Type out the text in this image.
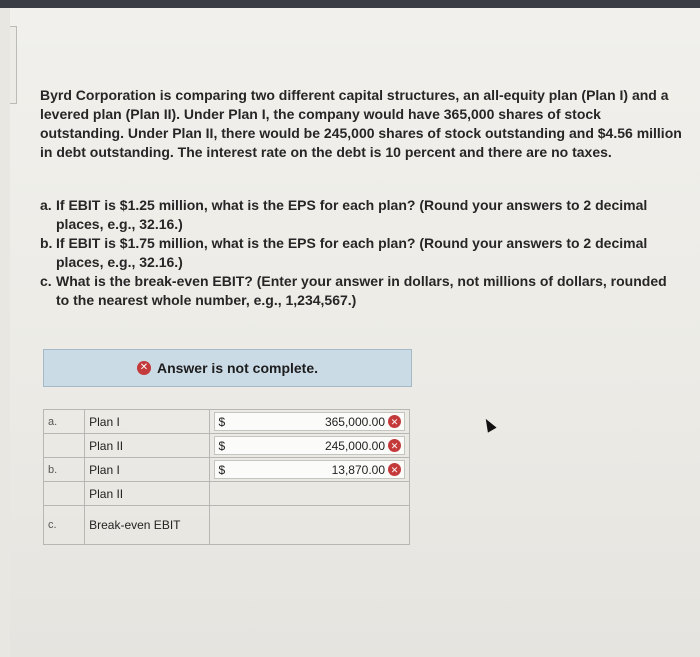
Byrd Corporation is comparing two different capital structures, an all-equity plan (Plan I) and a levered plan (Plan II). Under Plan I, the company would have 365,000 shares of stock outstanding. Under Plan II, there would be 245,000 shares of stock outstanding and $4.56 million in debt outstanding. The interest rate on the debt is 10 percent and there are no taxes.

a. If EBIT is $1.25 million, what is the EPS for each plan? (Round your answers to 2 decimal places, e.g., 32.16.)
b. If EBIT is $1.75 million, what is the EPS for each plan? (Round your answers to 2 decimal places, e.g., 32.16.)
c. What is the break-even EBIT? (Enter your answer in dollars, not millions of dollars, rounded to the nearest whole number, e.g., 1,234,567.)
✕ Answer is not complete.
a.	Plan I	$ 365,000.00 ✕

	Plan II	$ 245,000.00 ✕

b.	Plan I	$ 13,870.00 ✕

	Plan II	
c.	Break-even EBIT	
